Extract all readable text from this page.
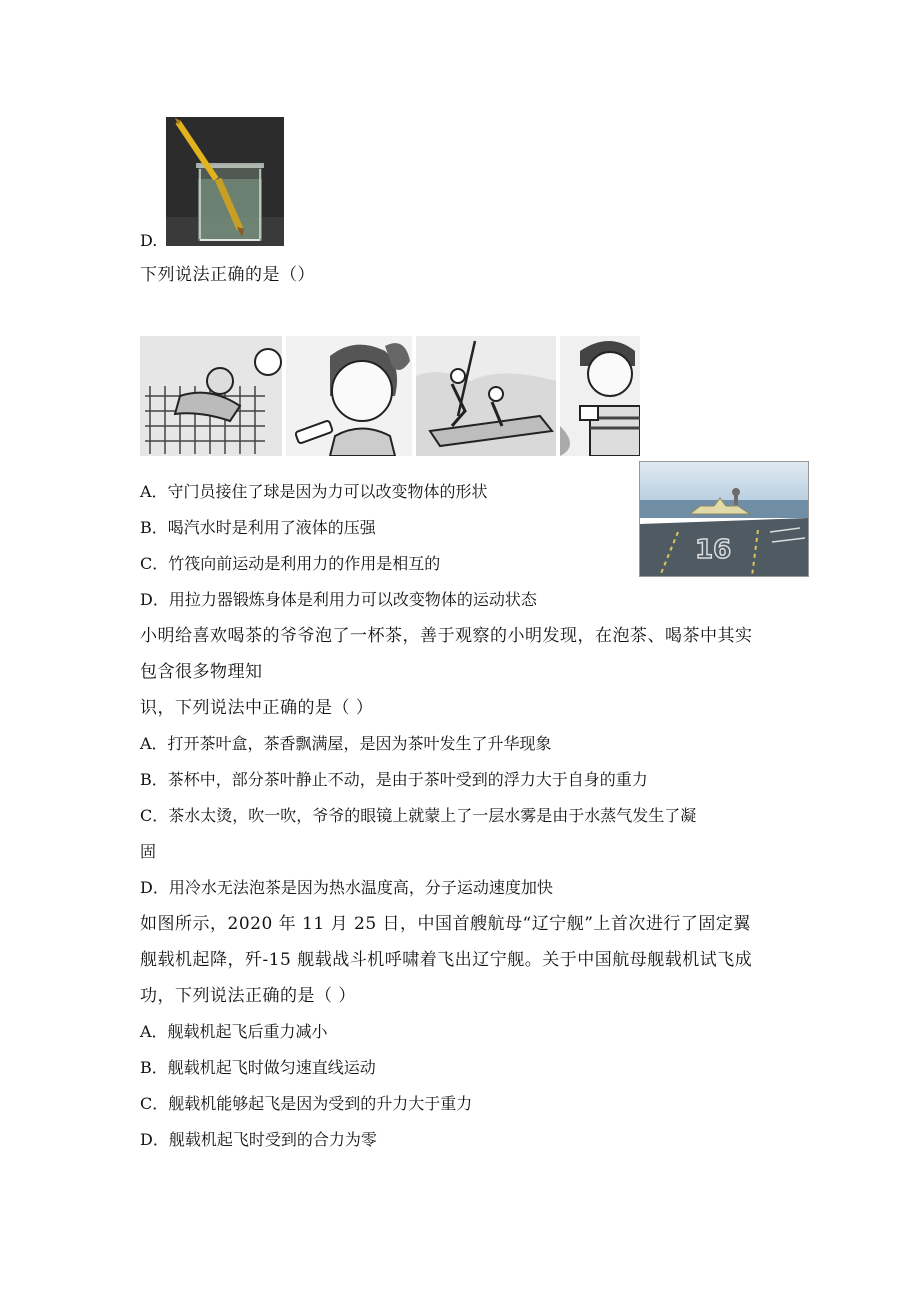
D.
下列说法正确的是（）
A．守门员接住了球是因为力可以改变物体的形状
B．喝汽水时是利用了液体的压强
C．竹筏向前运动是利用力的作用是相互的
D．用拉力器锻炼身体是利用力可以改变物体的运动状态
16
小明给喜欢喝茶的爷爷泡了一杯茶，善于观察的小明发现，在泡茶、喝茶中其实
包含很多物理知
识，下列说法中正确的是（ ）
A．打开茶叶盒，茶香飘满屋，是因为茶叶发生了升华现象
B．茶杯中，部分茶叶静止不动，是由于茶叶受到的浮力大于自身的重力
C．茶水太烫，吹一吹，爷爷的眼镜上就蒙上了一层水雾是由于水蒸气发生了凝
固
D．用冷水无法泡茶是因为热水温度高，分子运动速度加快
如图所示，2020 年 11 月 25 日，中国首艘航母“辽宁舰”上首次进行了固定翼
舰载机起降，歼-15 舰载战斗机呼啸着飞出辽宁舰。关于中国航母舰载机试飞成
功，下列说法正确的是（ ）
A．舰载机起飞后重力减小
B．舰载机起飞时做匀速直线运动
C．舰载机能够起飞是因为受到的升力大于重力
D．舰载机起飞时受到的合力为零
